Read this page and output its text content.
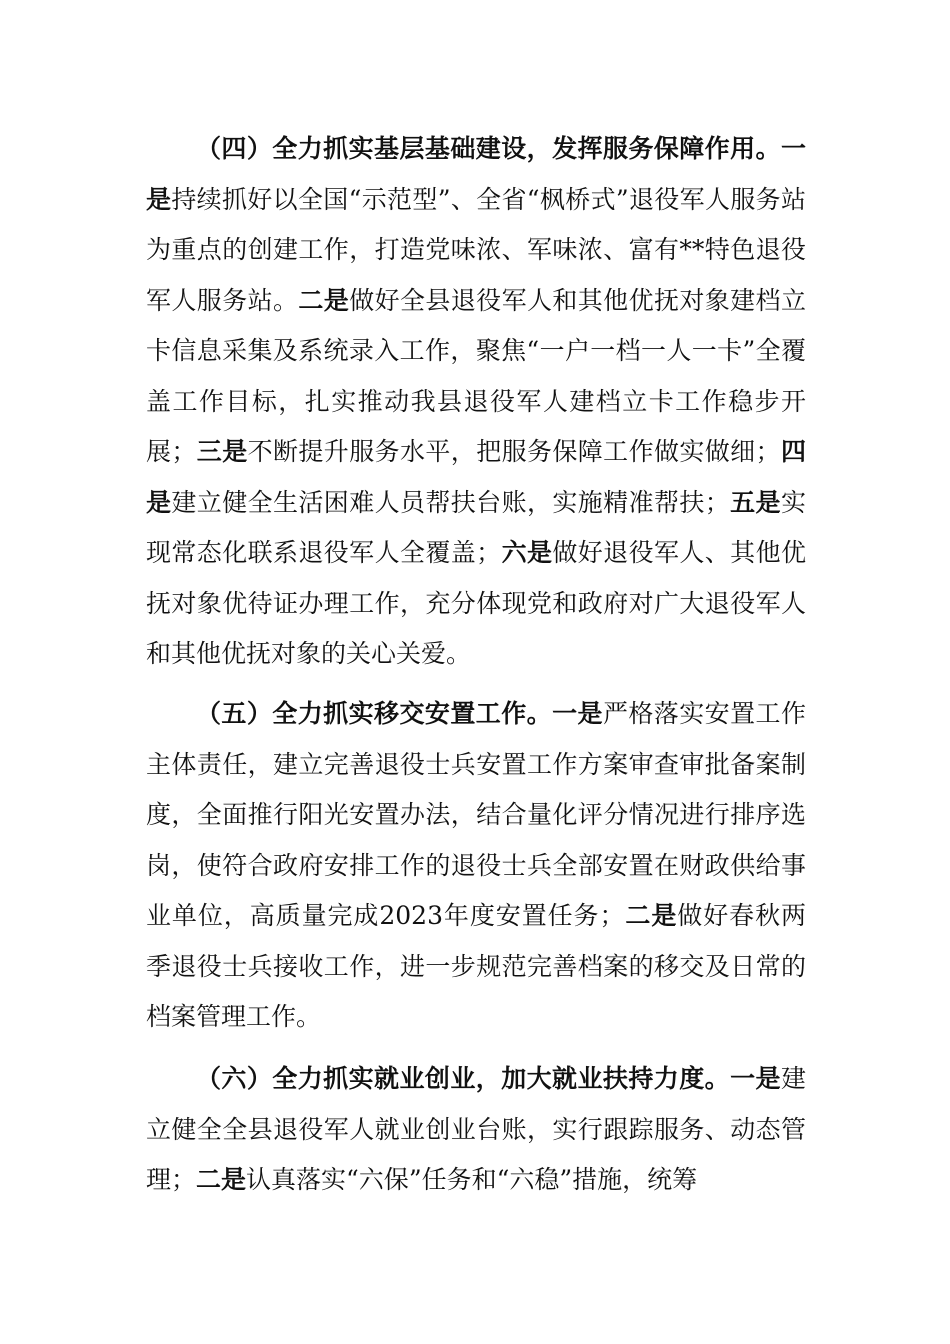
（四）全力抓实基层基础建设，发挥服务保障作用。一是持续抓好以全国“示范型”、全省“枫桥式”退役军人服务站为重点的创建工作，打造党味浓、军味浓、富有**特色退役军人服务站。二是做好全县退役军人和其他优抚对象建档立卡信息采集及系统录入工作，聚焦“一户一档一人一卡”全覆盖工作目标，扎实推动我县退役军人建档立卡工作稳步开展；三是不断提升服务水平，把服务保障工作做实做细；四是建立健全生活困难人员帮扶台账，实施精准帮扶；五是实现常态化联系退役军人全覆盖；六是做好退役军人、其他优抚对象优待证办理工作，充分体现党和政府对广大退役军人和其他优抚对象的关心关爱。

（五）全力抓实移交安置工作。一是严格落实安置工作主体责任，建立完善退役士兵安置工作方案审查审批备案制度，全面推行阳光安置办法，结合量化评分情况进行排序选岗，使符合政府安排工作的退役士兵全部安置在财政供给事业单位，高质量完成2023年度安置任务；二是做好春秋两季退役士兵接收工作，进一步规范完善档案的移交及日常的档案管理工作。

（六）全力抓实就业创业，加大就业扶持力度。一是建立健全全县退役军人就业创业台账，实行跟踪服务、动态管理；二是认真落实“六保”任务和“六稳”措施，统筹
